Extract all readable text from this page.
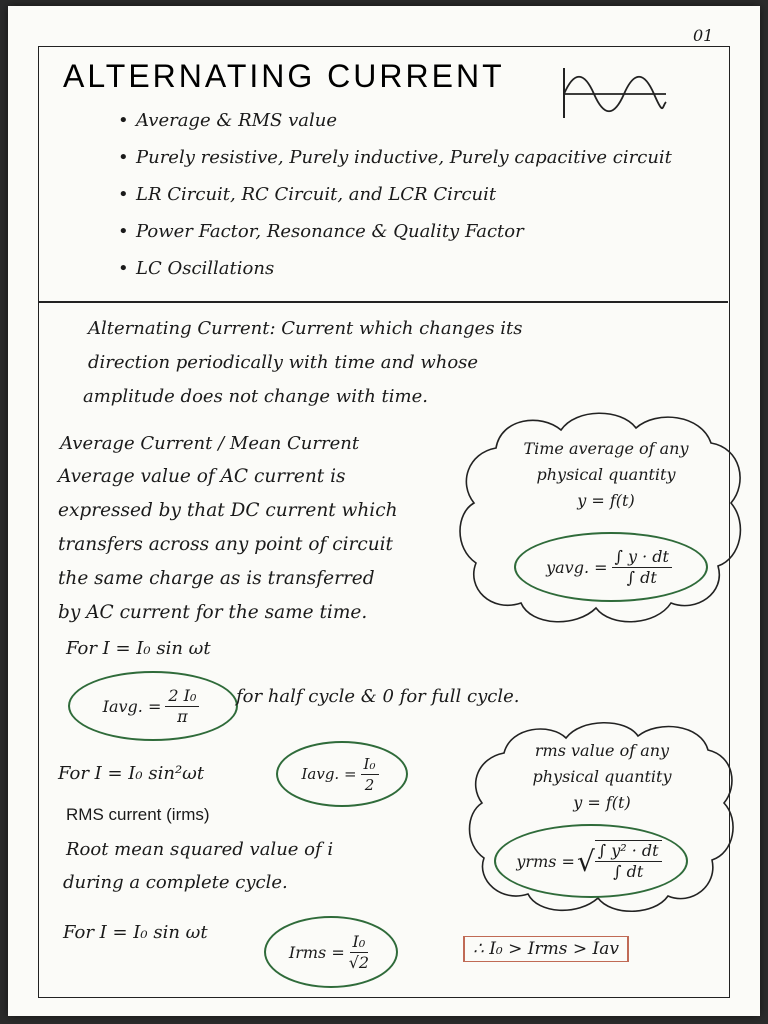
01
ALTERNATING CURRENT
• Average & RMS value
• Purely resistive, Purely inductive, Purely capacitive circuit
• LR Circuit, RC Circuit, and LCR Circuit
• Power Factor, Resonance & Quality Factor
• LC Oscillations
Alternating Current: Current which changes its
direction periodically with time and whose
amplitude does not change with time.
Average Current / Mean Current
Average value of AC current is
expressed by that DC current which
transfers across any point of circuit
the same charge as is transferred
by AC current for the same time.
Time average of any
physical quantity
y = f(t)
yavg. = $\frac{\int y \cdot dt}{\int dt}$
For I = I₀ sin ωt
Iavg. = $\frac{\text{2 I₀}}{\pi}$ for half cycle & 0 for full cycle.
rms value of any
physical quantity
y = f(t)
yrms = √ $\frac{\text{∫ y² · dt}}{\int dt}$
For I = I₀ sin²ωt	Iavg. = $\frac{\text{I₀}}{2}$
RMS current (irms)
Root mean squared value of i
during a complete cycle.
For I = I₀ sin ωt
Irms = $\frac{\text{I₀}}{√2}$	∴ I₀ > Irms > Iav
